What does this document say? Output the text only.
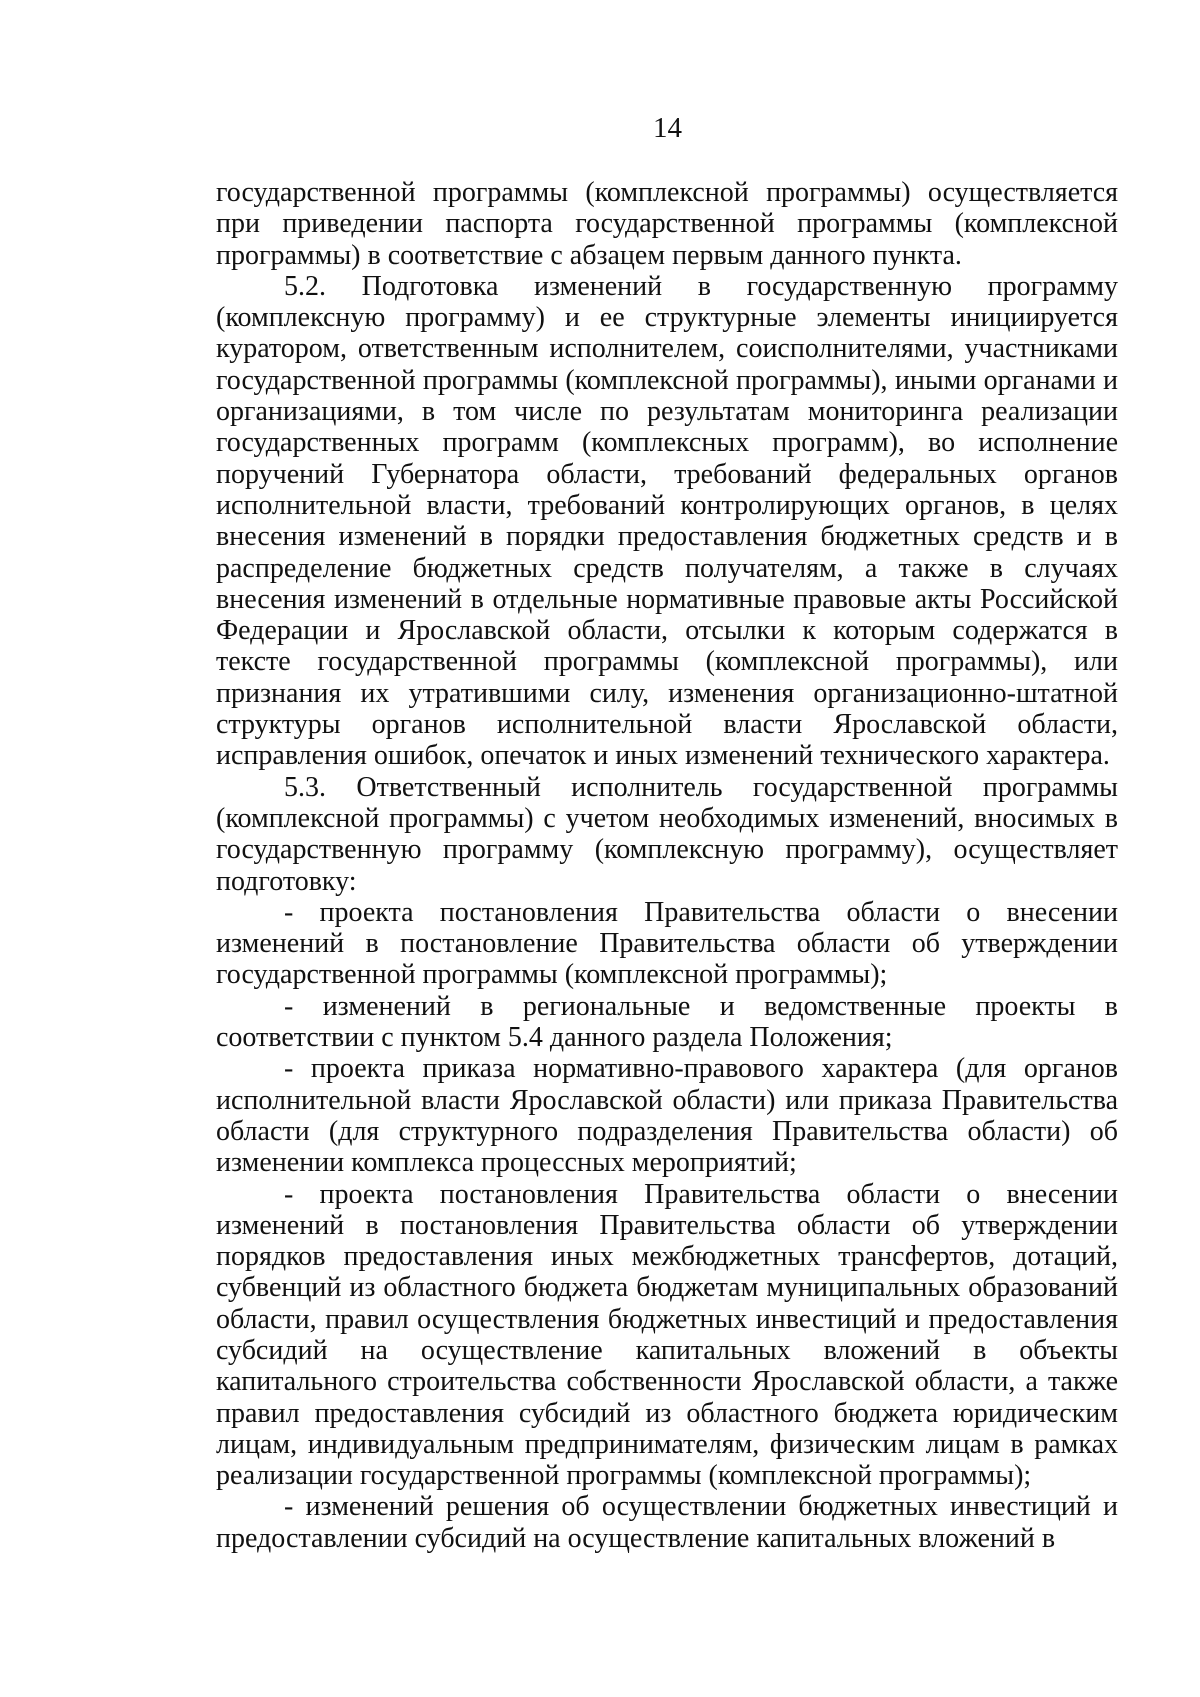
14

государственной программы (комплексной программы) осуществляется при приведении паспорта государственной программы (комплексной программы) в соответствие с абзацем первым данного пункта.

5.2. Подготовка изменений в государственную программу (комплексную программу) и ее структурные элементы инициируется куратором, ответственным исполнителем, соисполнителями, участниками государственной программы (комплексной программы), иными органами и организациями, в том числе по результатам мониторинга реализации государственных программ (комплексных программ), во исполнение поручений Губернатора области, требований федеральных органов исполнительной власти, требований контролирующих органов, в целях внесения изменений в порядки предоставления бюджетных средств и в распределение бюджетных средств получателям, а также в случаях внесения изменений в отдельные нормативные правовые акты Российской Федерации и Ярославской области, отсылки к которым содержатся в тексте государственной программы (комплексной программы), или признания их утратившими силу, изменения организационно-штатной структуры органов исполнительной власти Ярославской области, исправления ошибок, опечаток и иных изменений технического характера.

5.3. Ответственный исполнитель государственной программы (комплексной программы) с учетом необходимых изменений, вносимых в государственную программу (комплексную программу), осуществляет подготовку:

- проекта постановления Правительства области о внесении изменений в постановление Правительства области об утверждении государственной программы (комплексной программы);

- изменений в региональные и ведомственные проекты в соответствии с пунктом 5.4 данного раздела Положения;

- проекта приказа нормативно-правового характера (для органов исполнительной власти Ярославской области) или приказа Правительства области (для структурного подразделения Правительства области) об изменении комплекса процессных мероприятий;

- проекта постановления Правительства области о внесении изменений в постановления Правительства области об утверждении порядков предоставления иных межбюджетных трансфертов, дотаций, субвенций из областного бюджета бюджетам муниципальных образований области, правил осуществления бюджетных инвестиций и предоставления субсидий на осуществление капитальных вложений в объекты капитального строительства собственности Ярославской области, а также правил предоставления субсидий из областного бюджета юридическим лицам, индивидуальным предпринимателям, физическим лицам в рамках реализации государственной программы (комплексной программы);

- изменений решения об осуществлении бюджетных инвестиций и предоставлении субсидий на осуществление капитальных вложений в
